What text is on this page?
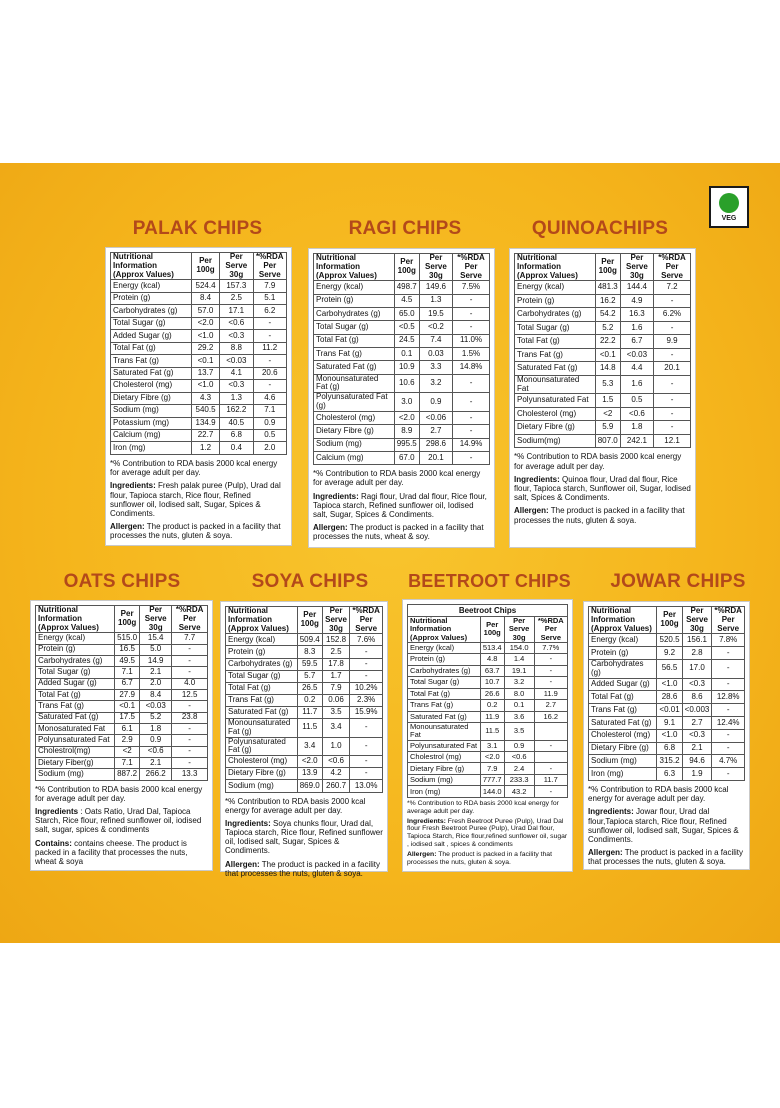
VEG
PALAK CHIPS
Nutritional Information (Approx Values)	Per 100g	Per Serve 30g	*%RDA Per Serve
Energy (kcal)	524.4	157.3	7.9
Protein (g)	8.4	2.5	5.1
Carbohydrates (g)	57.0	17.1	6.2
Total Sugar (g)	<2.0	<0.6	-
Added Sugar (g)	<1.0	<0.3	-
Total Fat (g)	29.2	8.8	11.2
Trans Fat (g)	<0.1	<0.03	-
Saturated Fat (g)	13.7	4.1	20.6
Cholesterol (mg)	<1.0	<0.3	-
Dietary Fibre (g)	4.3	1.3	4.6
Sodium (mg)	540.5	162.2	7.1
Potassium (mg)	134.9	40.5	0.9
Calcium (mg)	22.7	6.8	0.5
Iron (mg)	1.2	0.4	2.0
*% Contribution to RDA basis 2000 kcal energy for average adult per day.
Ingredients: Fresh palak puree (Pulp), Urad dal flour, Tapioca starch, Rice flour, Refined sunflower oil, Iodised salt, Sugar, Spices & Condiments.
Allergen: The product is packed in a facility that processes the nuts, gluten & soya.
RAGI CHIPS
Nutritional Information (Approx Values)	Per 100g	Per Serve 30g	*%RDA Per Serve
Energy (kcal)	498.7	149.6	7.5%
Protein (g)	4.5	1.3	-
Carbohydrates (g)	65.0	19.5	-
Total Sugar (g)	<0.5	<0.2	-
Total Fat (g)	24.5	7.4	11.0%
Trans Fat (g)	0.1	0.03	1.5%
Saturated Fat (g)	10.9	3.3	14.8%
Monounsaturated Fat (g)	10.6	3.2	-
Polyunsaturated Fat (g)	3.0	0.9	-
Cholesterol (mg)	<2.0	<0.06	-
Dietary Fibre (g)	8.9	2.7	-
Sodium (mg)	995.5	298.6	14.9%
Calcium (mg)	67.0	20.1	-
*% Contribution to RDA basis 2000 kcal energy for average adult per day.
Ingredients: Ragi flour, Urad dal flour, Rice flour, Tapioca starch, Refined sunflower oil, Iodised salt, Sugar, Spices & Condiments.
Allergen: The product is packed in a facility that processes the nuts, wheat & soy.
QUINOACHIPS
Nutritional Information (Approx Values)	Per 100g	Per Serve 30g	*%RDA Per Serve
Energy (kcal)	481.3	144.4	7.2
Protein (g)	16.2	4.9	-
Carbohydrates (g)	54.2	16.3	6.2%
Total Sugar (g)	5.2	1.6	-
Total Fat (g)	22.2	6.7	9.9
Trans Fat (g)	<0.1	<0.03	-
Saturated Fat (g)	14.8	4.4	20.1
Monounsaturated Fat	5.3	1.6	-
Polyunsaturated Fat	1.5	0.5	-
Cholesterol (mg)	<2	<0.6	-
Dietary Fibre (g)	5.9	1.8	-
Sodium(mg)	807.0	242.1	12.1
*% Contribution to RDA basis 2000 kcal energy for average adult per day.
Ingredients: Quinoa flour, Urad dal flour, Rice flour, Tapioca starch, Sunflower oil, Sugar, Iodised salt, Spices & Condiments.
Allergen: The product is packed in a facility that processes the nuts, gluten & soya.
OATS CHIPS
Nutritional Information (Approx Values)	Per 100g	Per Serve 30g	*%RDA Per Serve
Energy (kcal)	515.0	15.4	7.7
Protein (g)	16.5	5.0	-
Carbohydrates (g)	49.5	14.9	-
Total Sugar (g)	7.1	2.1	-
Added Sugar (g)	6.7	2.0	4.0
Total Fat (g)	27.9	8.4	12.5
Trans Fat (g)	<0.1	<0.03	-
Saturated Fat (g)	17.5	5.2	23.8
Monosaturated Fat	6.1	1.8	-
Polyunsaturated Fat	2.9	0.9	-
Cholestrol(mg)	<2	<0.6	-
Dietary Fiber(g)	7.1	2.1	-
Sodium (mg)	887.2	266.2	13.3
*% Contribution to RDA basis 2000 kcal energy for average adult per day.
Ingredients : Oats Ratio, Urad Dal, Tapioca Starch, Rice flour, refined sunflower oil, iodised salt, sugar, spices & condiments
Contains: contains cheese. The product is packed in a facility that processes the nuts, wheat & soya
SOYA CHIPS
Nutritional Information (Approx Values)	Per 100g	Per Serve 30g	*%RDA Per Serve
Energy (kcal)	509.4	152.8	7.6%
Protein (g)	8.3	2.5	-
Carbohydrates (g)	59.5	17.8	-
Total Sugar (g)	5.7	1.7	-
Total Fat (g)	26.5	7.9	10.2%
Trans Fat (g)	0.2	0.06	2.3%
Saturated Fat (g)	11.7	3.5	15.9%
Monounsaturated Fat (g)	11.5	3.4	-
Polyunsaturated Fat (g)	3.4	1.0	-
Cholesterol (mg)	<2.0	<0.6	-
Dietary Fibre (g)	13.9	4.2	-
Sodium (mg)	869.0	260.7	13.0%
*% Contribution to RDA basis 2000 kcal energy for average adult per day.
Ingredients: Soya chunks flour, Urad dal, Tapioca starch, Rice flour, Refined sunflower oil, Iodised salt, Sugar, Spices & Condiments.
Allergen: The product is packed in a facility that processes the nuts, gluten & soya.
BEETROOT CHIPS
Beetroot Chips
Nutritional Information (Approx Values)	Per 100g	Per Serve 30g	*%RDA Per Serve
Energy (kcal)	513.4	154.0	7.7%
Protein (g)	4.8	1.4	-
Carbohydrates (g)	63.7	19.1	-
Total Sugar (g)	10.7	3.2	-
Total Fat (g)	26.6	8.0	11.9
Trans Fat (g)	0.2	0.1	2.7
Saturated Fat (g)	11.9	3.6	16.2
Monounsaturated Fat	11.5	3.5	
Polyunsaturated Fat	3.1	0.9	-
Cholestrol (mg)	<2.0	<0.6	
Dietary Fibre (g)	7.9	2.4	-
Sodium (mg)	777.7	233.3	11.7
Iron (mg)	144.0	43.2	-
*% Contribution to RDA basis 2000 kcal energy for average adult per day.
Ingredients: Fresh Beetroot Puree (Pulp), Urad Dal flour Fresh Beetroot Puree (Pulp), Urad Dal flour, Tapioca Starch, Rice flour,refined sunflower oil, sugar , iodised salt , spices & condiments
Allergen: The product is packed in a facility that processes the nuts, gluten & soya.
JOWAR CHIPS
Nutritional Information (Approx Values)	Per 100g	Per Serve 30g	*%RDA Per Serve
Energy (kcal)	520.5	156.1	7.8%
Protein (g)	9.2	2.8	-
Carbohydrates (g)	56.5	17.0	-
Added Sugar (g)	<1.0	<0.3	-
Total Fat (g)	28.6	8.6	12.8%
Trans Fat (g)	<0.01	<0.003	-
Saturated Fat (g)	9.1	2.7	12.4%
Cholesterol (mg)	<1.0	<0.3	-
Dietary Fibre (g)	6.8	2.1	-
Sodium (mg)	315.2	94.6	4.7%
Iron (mg)	6.3	1.9	-
*% Contribution to RDA basis 2000 kcal energy for average adult per day.
Ingredients: Jowar flour, Urad dal flour,Tapioca starch, Rice flour, Refined sunflower oil, Iodised salt, Sugar, Spices & Condiments.
Allergen: The product is packed in a facility that processes the nuts, gluten & soya.
